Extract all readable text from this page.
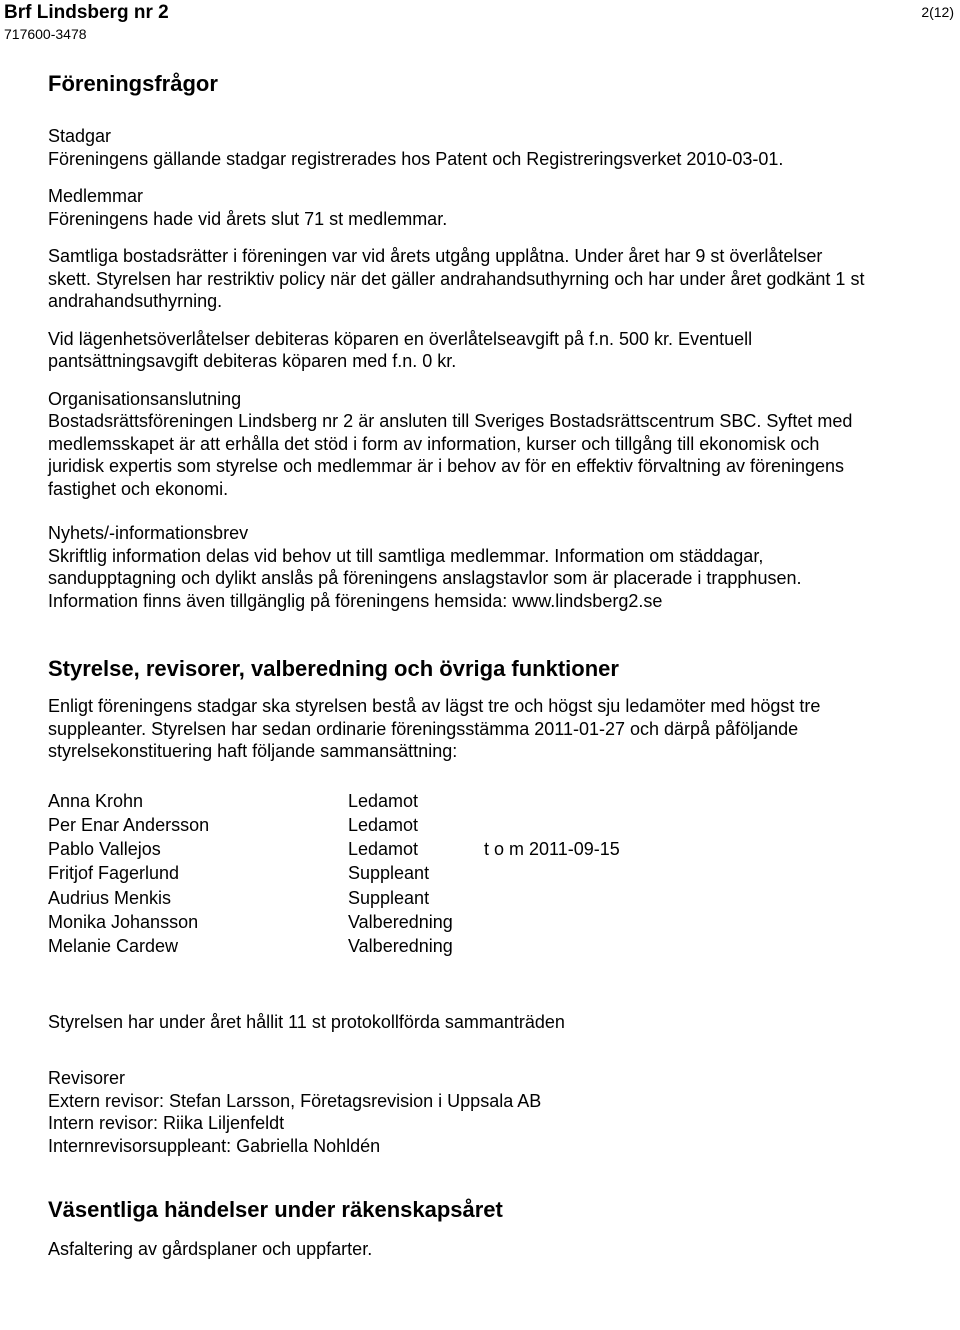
Brf Lindsberg nr 2
717600-3478
2(12)
Föreningsfrågor
Stadgar
Föreningens gällande stadgar registrerades hos Patent och Registreringsverket 2010-03-01.
Medlemmar
Föreningens hade vid årets slut 71 st medlemmar.
Samtliga bostadsrätter i föreningen var vid årets utgång upplåtna. Under året har 9 st överlåtelser
skett. Styrelsen har restriktiv policy när det gäller andrahandsuthyrning och har under året godkänt 1 st
andrahandsuthyrning.
Vid lägenhetsöverlåtelser debiteras köparen en överlåtelseavgift på f.n. 500 kr. Eventuell
pantsättningsavgift debiteras köparen med f.n. 0 kr.
Organisationsanslutning
Bostadsrättsföreningen Lindsberg nr 2 är ansluten till Sveriges Bostadsrättscentrum SBC. Syftet med
medlemsskapet är att erhålla det stöd i form av information, kurser och tillgång till ekonomisk och
juridisk expertis som styrelse och medlemmar är i behov av för en effektiv förvaltning av föreningens
fastighet och ekonomi.
Nyhets/-informationsbrev
Skriftlig information delas vid behov ut till samtliga medlemmar. Information om städdagar,
sandupptagning och dylikt anslås på föreningens anslagstavlor som är placerade i trapphusen.
Information finns även tillgänglig på föreningens hemsida: www.lindsberg2.se
Styrelse, revisorer, valberedning och övriga funktioner
Enligt föreningens stadgar ska styrelsen bestå av lägst tre och högst sju ledamöter med högst tre
suppleanter. Styrelsen har sedan ordinarie föreningsstämma 2011-01-27 och därpå påföljande
styrelsekonstituering haft följande sammansättning:
Anna Krohn	Ledamot
Per Enar Andersson	Ledamot
Pablo Vallejos	Ledamot	t o m 2011-09-15
Fritjof Fagerlund	Suppleant
Audrius Menkis	Suppleant
Monika Johansson	Valberedning
Melanie Cardew	Valberedning
Styrelsen har under året hållit 11 st protokollförda sammanträden
Revisorer
Extern revisor: Stefan Larsson, Företagsrevision i Uppsala AB
Intern revisor: Riika Liljenfeldt
Internrevisorsuppleant: Gabriella Nohldén
Väsentliga händelser under räkenskapsåret
Asfaltering av gårdsplaner och uppfarter.
